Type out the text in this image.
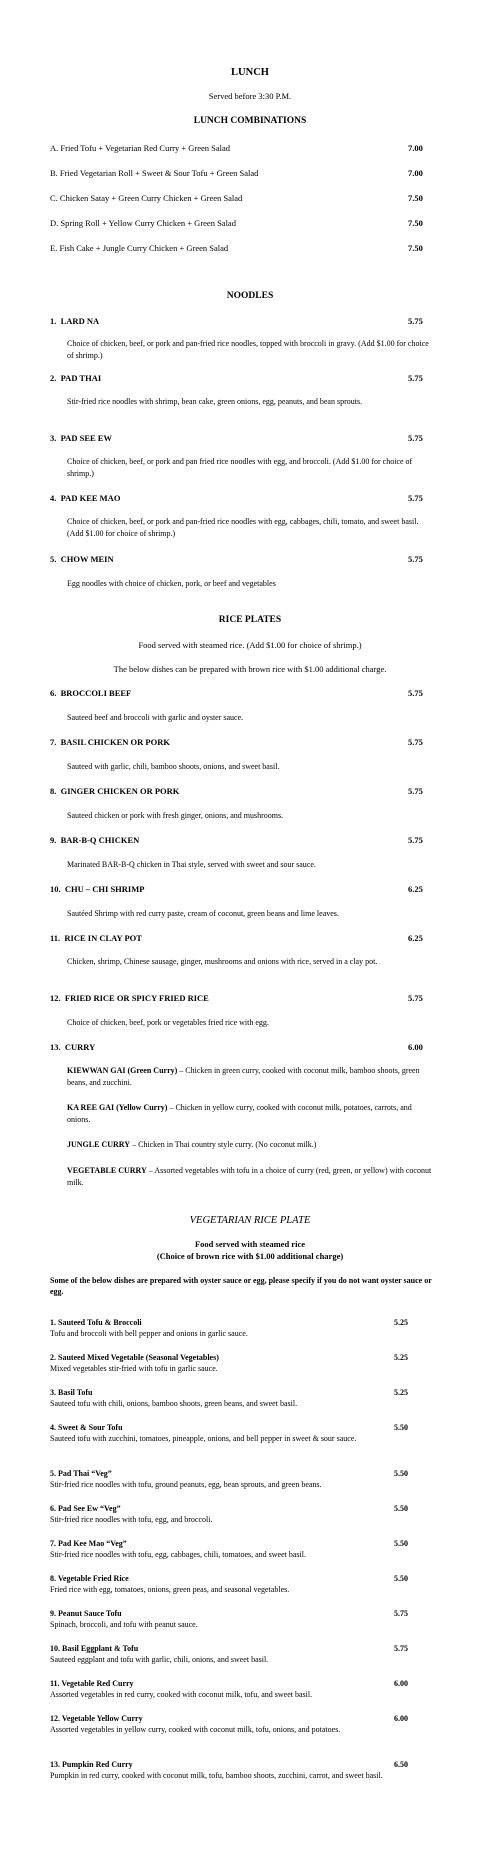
LUNCH
Served before 3:30 P.M.
LUNCH COMBINATIONS
A. Fried Tofu + Vegetarian Red Curry + Green Salad	7.00
B. Fried Vegetarian Roll + Sweet & Sour Tofu + Green Salad	7.00
C. Chicken Satay + Green Curry Chicken + Green Salad	7.50
D. Spring Roll + Yellow Curry Chicken + Green Salad	7.50
E. Fish Cake + Jungle Curry Chicken + Green Salad	7.50
NOODLES
1. LARD NA	5.75
Choice of chicken, beef, or pork and pan-fried rice noodles, topped with broccoli in gravy. (Add $1.00 for choice of shrimp.)
2. PAD THAI	5.75
Stir-fried rice noodles with shrimp, bean cake, green onions, egg, peanuts, and bean sprouts.
3. PAD SEE EW	5.75
Choice of chicken, beef, or pork and pan fried rice noodles with egg, and broccoli. (Add $1.00 for choice of shrimp.)
4. PAD KEE MAO	5.75
Choice of chicken, beef, or pork and pan-fried rice noodles with egg, cabbages, chili, tomato, and sweet basil. (Add $1.00 for choice of shrimp.)
5. CHOW MEIN	5.75
Egg noodles with choice of chicken, pork, or beef and vegetables
RICE PLATES
Food served with steamed rice. (Add $1.00 for choice of shrimp.)
The below dishes can be prepared with brown rice with $1.00 additional charge.
6. BROCCOLI BEEF	5.75
Sauteed beef and broccoli with garlic and oyster sauce.
7. BASIL CHICKEN OR PORK	5.75
Sauteed with garlic, chili, bamboo shoots, onions, and sweet basil.
8. GINGER CHICKEN OR PORK	5.75
Sauteed chicken or pork with fresh ginger, onions, and mushrooms.
9. BAR-B-Q CHICKEN	5.75
Marinated BAR-B-Q chicken in Thai style, served with sweet and sour sauce.
10. CHU – CHI SHRIMP	6.25
Sautéed Shrimp with red curry paste, cream of coconut, green beans and lime leaves.
11. RICE IN CLAY POT	6.25
Chicken, shrimp, Chinese sausage, ginger, mushrooms and onions with rice, served in a clay pot.
12. FRIED RICE OR SPICY FRIED RICE	5.75
Choice of chicken, beef, pork or vegetables fried rice with egg.
13. CURRY	6.00
KIEWWAN GAI (Green Curry) – Chicken in green curry, cooked with coconut milk, bamboo shoots, green beans, and zucchini.
KA REE GAI (Yellow Curry) – Chicken in yellow curry, cooked with coconut milk, potatoes, carrots, and onions.
JUNGLE CURRY – Chicken in Thai country style curry. (No coconut milk.)
VEGETABLE CURRY – Assorted vegetables with tofu in a choice of curry (red, green, or yellow) with coconut milk.
VEGETARIAN RICE PLATE
Food served with steamed rice
(Choice of brown rice with $1.00 additional charge)
Some of the below dishes are prepared with oyster sauce or egg, please specify if you do not want oyster sauce or egg.
1. Sauteed Tofu & Broccoli	5.25
Tofu and broccoli with bell pepper and onions in garlic sauce.
2. Sauteed Mixed Vegetable (Seasonal Vegetables)	5.25
Mixed vegetables stir-fried with tofu in garlic sauce.
3. Basil Tofu	5.25
Sauteed tofu with chili, onions, bamboo shoots, green beans, and sweet basil.
4. Sweet & Sour Tofu	5.50
Sauteed tofu with zucchini, tomatoes, pineapple, onions, and bell pepper in sweet & sour sauce.
5. Pad Thai “Veg”	5.50
Stir-fried rice noodles with tofu, ground peanuts, egg, bean sprouts, and green beans.
6. Pad See Ew “Veg”	5.50
Stir-fried rice noodles with tofu, egg, and broccoli.
7. Pad Kee Mao “Veg”	5.50
Stir-fried rice noodles with tofu, egg, cabbages, chili, tomatoes, and sweet basil.
8. Vegetable Fried Rice	5.50
Fried rice with egg, tomatoes, onions, green peas, and seasonal vegetables.
9. Peanut Sauce Tofu	5.75
Spinach, broccoli, and tofu with peanut sauce.
10. Basil Eggplant & Tofu	5.75
Sauteed eggplant and tofu with garlic, chili, onions, and sweet basil.
11. Vegetable Red Curry	6.00
Assorted vegetables in red curry, cooked with coconut milk, tofu, and sweet basil.
12. Vegetable Yellow Curry	6.00
Assorted vegetables in yellow curry, cooked with coconut milk, tofu, onions, and potatoes.
13. Pumpkin Red Curry	6.50
Pumpkin in red curry, cooked with coconut milk, tofu, bamboo shoots, zucchini, carrot, and sweet basil.
